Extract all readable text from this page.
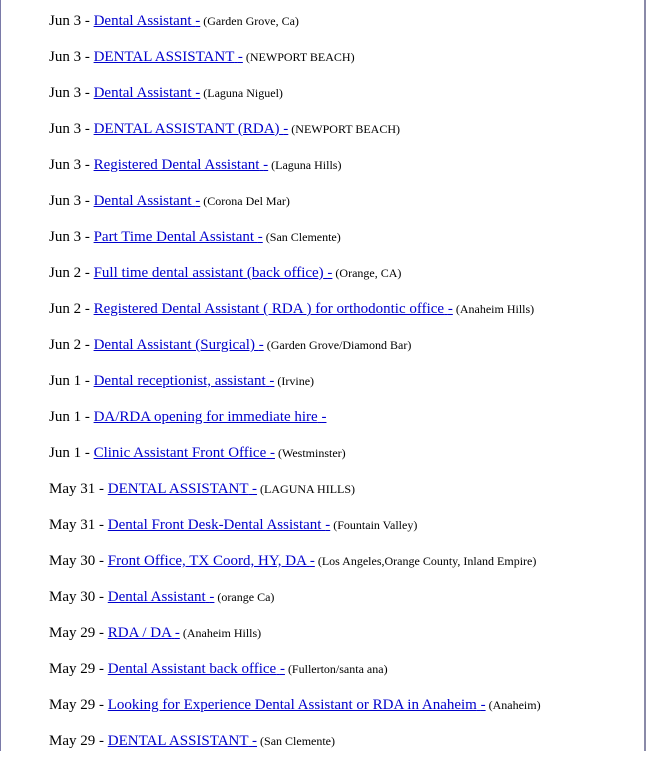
Jun 3 - Dental Assistant - (Garden Grove, Ca)
Jun 3 - DENTAL ASSISTANT - (NEWPORT BEACH)
Jun 3 - Dental Assistant - (Laguna Niguel)
Jun 3 - DENTAL ASSISTANT (RDA) - (NEWPORT BEACH)
Jun 3 - Registered Dental Assistant - (Laguna Hills)
Jun 3 - Dental Assistant - (Corona Del Mar)
Jun 3 - Part Time Dental Assistant - (San Clemente)
Jun 2 - Full time dental assistant (back office) - (Orange, CA)
Jun 2 - Registered Dental Assistant ( RDA ) for orthodontic office - (Anaheim Hills)
Jun 2 - Dental Assistant (Surgical) - (Garden Grove/Diamond Bar)
Jun 1 - Dental receptionist, assistant - (Irvine)
Jun 1 - DA/RDA opening for immediate hire -
Jun 1 - Clinic Assistant Front Office - (Westminster)
May 31 - DENTAL ASSISTANT - (LAGUNA HILLS)
May 31 - Dental Front Desk-Dental Assistant - (Fountain Valley)
May 30 - Front Office, TX Coord, HY, DA - (Los Angeles,Orange County, Inland Empire)
May 30 - Dental Assistant - (orange Ca)
May 29 - RDA / DA - (Anaheim Hills)
May 29 - Dental Assistant back office - (Fullerton/santa ana)
May 29 - Looking for Experience Dental Assistant or RDA in Anaheim - (Anaheim)
May 29 - DENTAL ASSISTANT - (San Clemente)
